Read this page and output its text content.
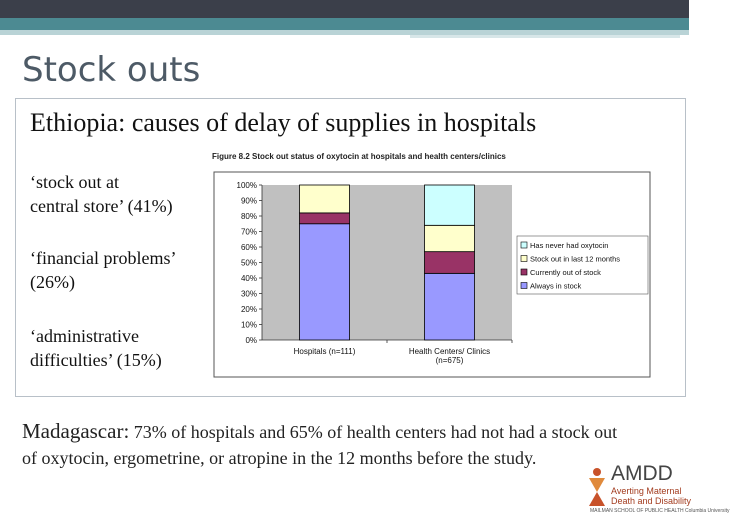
Stock outs
Ethiopia: causes of delay of supplies in hospitals
‘stock out at
central store’ (41%)
‘financial problems’
(26%)
‘administrative
difficulties’ (15%)
Figure 8.2 Stock out status of oxytocin at hospitals and health centers/clinics
0%
10%
20%
30%
40%
50%
60%
70%
80%
90%
100%
Hospitals (n=111)	Health Centers/ Clinics
(n=675)
Has never had oxytocin
Stock out in last 12 months
Currently out of stock
Always in stock
Madagascar: 73% of hospitals and 65% of health centers had not had a stock out of oxytocin, ergometrine, or atropine in the 12 months before the study.
AMDD
Averting Maternal
Death and Disability
MAILMAN SCHOOL OF PUBLIC HEALTH Columbia University
